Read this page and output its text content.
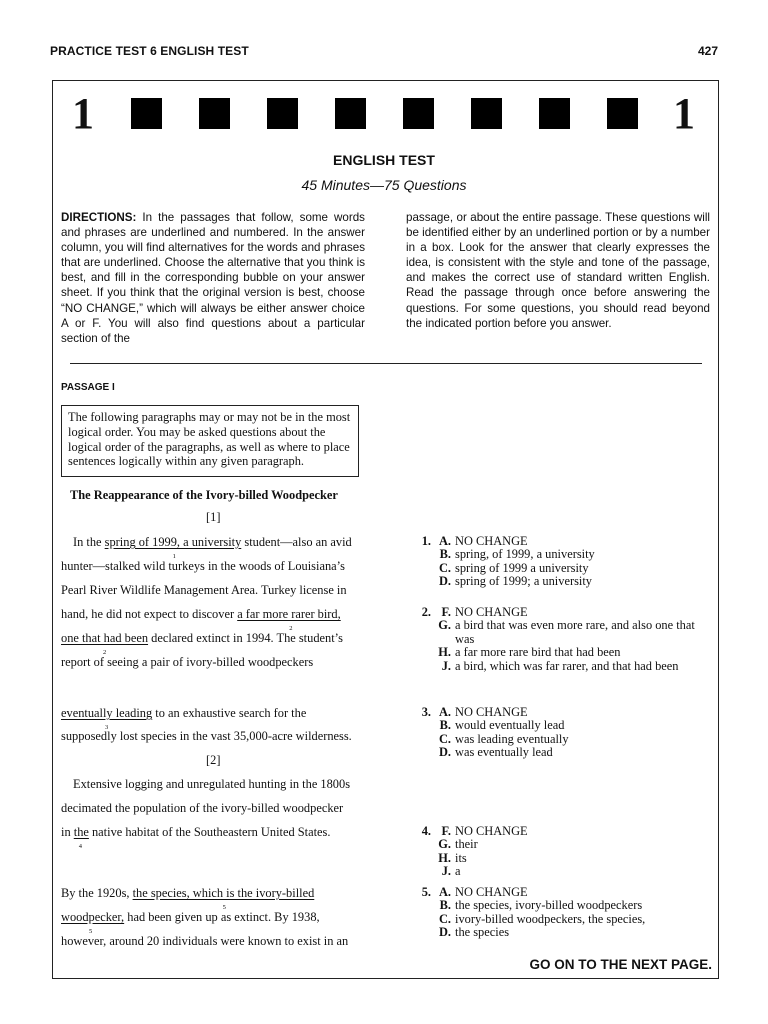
PRACTICE TEST 6 ENGLISH TEST	427
1	1
ENGLISH TEST
45 Minutes—75 Questions
DIRECTIONS: In the passages that follow, some words and phrases are underlined and numbered. In the answer column, you will find alternatives for the words and phrases that are underlined. Choose the alternative that you think is best, and fill in the corresponding bubble on your answer sheet. If you think that the original version is best, choose “NO CHANGE,” which will always be either answer choice A or F. You will also find questions about a particular section of the
passage, or about the entire passage. These questions will be identified either by an underlined portion or by a number in a box. Look for the answer that clearly expresses the idea, is consistent with the style and tone of the passage, and makes the correct use of standard written English. Read the passage through once before answering the questions. For some questions, you should read beyond the indicated portion before you answer.
PASSAGE I
The following paragraphs may or may not be in the most logical order. You may be asked questions about the logical order of the paragraphs, as well as where to place sentences logically within any given paragraph.
The Reappearance of the Ivory-billed Woodpecker
[1]
In the spring of 1999, a university
1
student—also an avid
hunter—stalked wild turkeys in the woods of Louisiana’s
Pearl River Wildlife Management Area. Turkey license in
hand, he did not expect to discover a far more rarer bird,
2
one that had been
2
declared extinct in 1994. The student’s
report of seeing a pair of ivory-billed woodpeckers
eventually leading
3
to an exhaustive search for the
supposedly lost species in the vast 35,000-acre wilderness.
[2]
Extensive logging and unregulated hunting in the 1800s
decimated the population of the ivory-billed woodpecker
in the
4
native habitat of the Southeastern United States.
By the 1920s, the species, which is the ivory-billed
5
woodpecker,
5
had been given up as extinct. By 1938,
however, around 20 individuals were known to exist in an
1. A. NO CHANGE
B. spring, of 1999, a university
C. spring of 1999 a university
D. spring of 1999; a university
2. F. NO CHANGE
G. a bird that was even more rare, and also one that was
H. a far more rare bird that had been
J. a bird, which was far rarer, and that had been
3. A. NO CHANGE
B. would eventually lead
C. was leading eventually
D. was eventually lead
4. F. NO CHANGE
G. their
H. its
J. a
5. A. NO CHANGE
B. the species, ivory-billed woodpeckers
C. ivory-billed woodpeckers, the species,
D. the species
GO ON TO THE NEXT PAGE.
